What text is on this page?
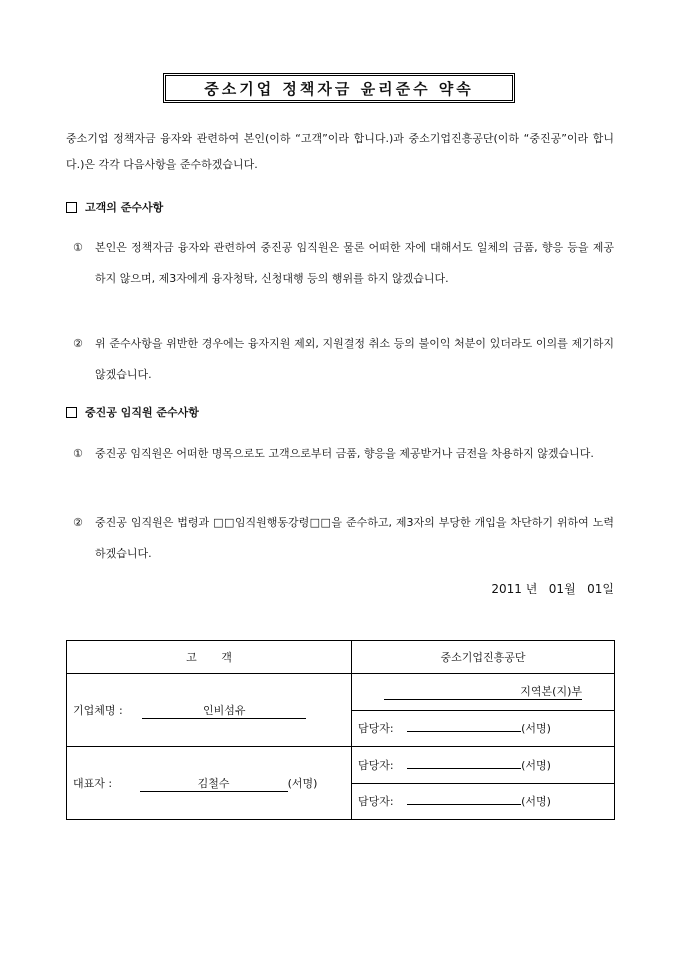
중소기업 정책자금 윤리준수 약속
중소기업 정책자금 융자와 관련하여 본인(이하 “고객”이라 합니다.)과 중소기업진흥공단(이하 “중진공”이라 합니다.)은 각각 다음사항을 준수하겠습니다.
고객의 준수사항
①	본인은 정책자금 융자와 관련하여 중진공 임직원은 물론 어떠한 자에 대해서도 일체의 금품, 향응 등을 제공하지 않으며, 제3자에게 융자청탁, 신청대행 등의 행위를 하지 않겠습니다.
②	위 준수사항을 위반한 경우에는 융자지원 제외, 지원결정 취소 등의 불이익 처분이 있더라도 이의를 제기하지 않겠습니다.
중진공 임직원 준수사항
①	중진공 임직원은 어떠한 명목으로도 고객으로부터 금품, 향응을 제공받거나 금전을 차용하지 않겠습니다.
②	중진공 임직원은 법령과 □□임직원행동강령□□을 준수하고, 제3자의 부당한 개입을 차단하기 위하여 노력하겠습니다.
2011 년 01월 01일
고       객	중소기업진흥공단
기업체명 : 인비섬유	지역본(지)부
	담당자: (서명)
대표자 : 김철수 (서명)	담당자: (서명)
	담당자: (서명)
